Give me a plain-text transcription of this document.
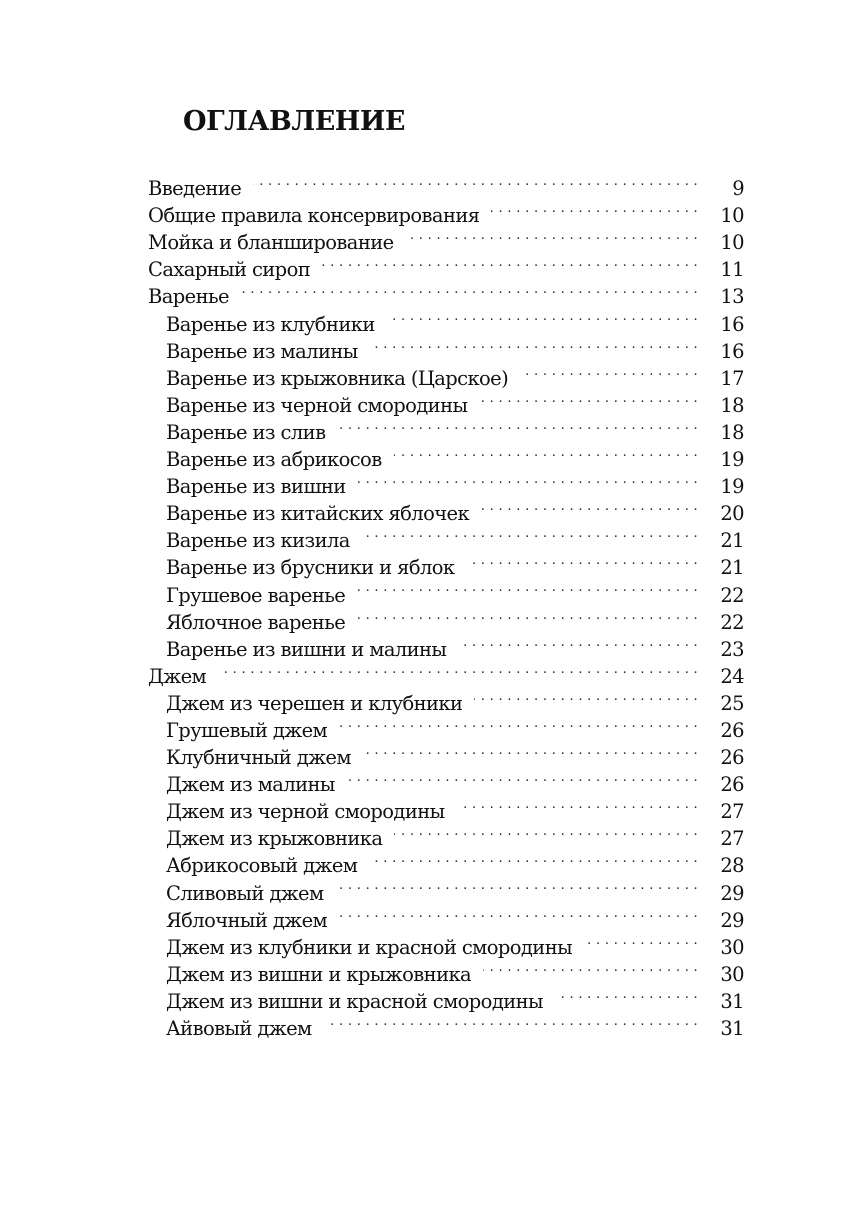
ОГЛАВЛЕНИЕ
Введение . . .	9
Общие правила консервирования . . .	10
Мойка и бланширование . . .	10
Сахарный сироп . . .	11
Варенье . . .	13
Варенье из клубники . . .	16
Варенье из малины . . .	16
Варенье из крыжовника (Царское) . . .	17
Варенье из черной смородины . . .	18
Варенье из слив . . .	18
Варенье из абрикосов . . .	19
Варенье из вишни . . .	19
Варенье из китайских яблочек . . .	20
Варенье из кизила . . .	21
Варенье из брусники и яблок . . .	21
Грушевое варенье . . .	22
Яблочное варенье . . .	22
Варенье из вишни и малины . . .	23
Джем . . .	24
Джем из черешен и клубники . . .	25
Грушевый джем . . .	26
Клубничный джем . . .	26
Джем из малины . . .	26
Джем из черной смородины . . .	27
Джем из крыжовника . . .	27
Абрикосовый джем . . .	28
Сливовый джем . . .	29
Яблочный джем . . .	29
Джем из клубники и красной смородины . . .	30
Джем из вишни и крыжовника . . .	30
Джем из вишни и красной смородины . . .	31
Айвовый джем . . .	31
